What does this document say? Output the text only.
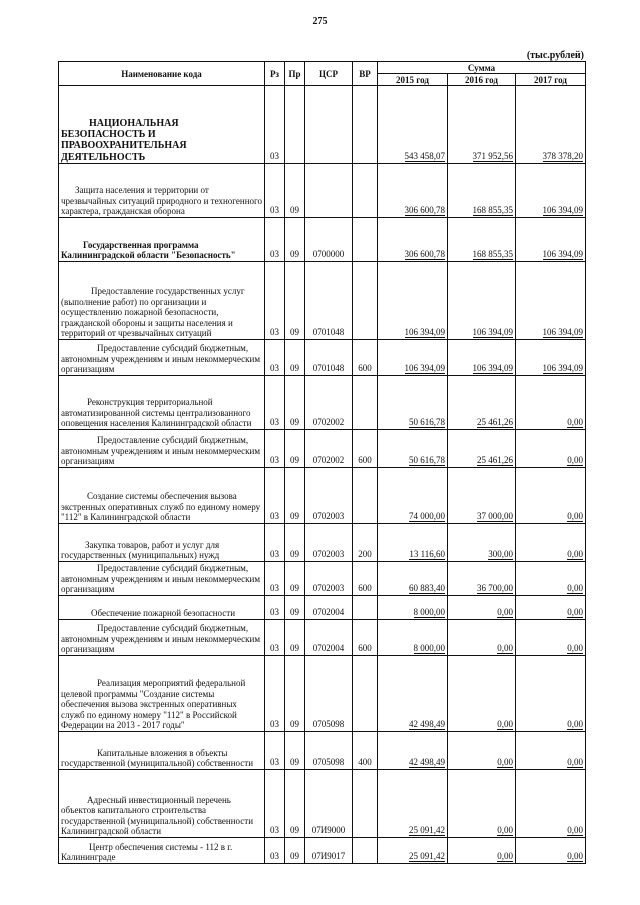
275
(тыс.рублей)
Наименование кода	Рз	Пр	ЦСР	ВР	Сумма		
					2015 год	2016 год	2017 год
НАЦИОНАЛЬНАЯ БЕЗОПАСНОСТЬ И ПРАВООХРАНИТЕЛЬНАЯ ДЕЯТЕЛЬНОСТЬ	03				543 458,07	371 952,56	378 378,20
Защита населения и территории от чрезвычайных ситуаций природного и техногенного характера, гражданская оборона	03	09			306 600,78	168 855,35	106 394,09
Государственная программа Калининградской области "Безопасность"	03	09	0700000		306 600,78	168 855,35	106 394,09
Предоставление государственных услуг (выполнение работ) по организации и осуществлению пожарной безопасности, гражданской обороны и защиты населения и территорий от чрезвычайных ситуаций	03	09	0701048		106 394,09	106 394,09	106 394,09
Предоставление субсидий бюджетным, автономным учреждениям и иным некоммерческим организациям	03	09	0701048	600	106 394,09	106 394,09	106 394,09
Реконструкция территориальной автоматизированной системы централизованного оповещения населения Калининградской области	03	09	0702002		50 616,78	25 461,26	0,00
Предоставление субсидий бюджетным, автономным учреждениям и иным некоммерческим организациям	03	09	0702002	600	50 616,78	25 461,26	0,00
Создание системы обеспечения вызова экстренных оперативных служб по единому номеру "112" в Калининградской области	03	09	0702003		74 000,00	37 000,00	0,00
Закупка товаров, работ и услуг для государственных (муниципальных) нужд	03	09	0702003	200	13 116,60	300,00	0,00
Предоставление субсидий бюджетным, автономным учреждениям и иным некоммерческим организациям	03	09	0702003	600	60 883,40	36 700,00	0,00
Обеспечение пожарной безопасности	03	09	0702004		8 000,00	0,00	0,00
Предоставление субсидий бюджетным, автономным учреждениям и иным некоммерческим организациям	03	09	0702004	600	8 000,00	0,00	0,00
Реализация мероприятий федеральной целевой программы "Создание системы обеспечения вызова экстренных оперативных служб по единому номеру "112" в Российской Федерации на 2013 - 2017 годы"	03	09	0705098		42 498,49	0,00	0,00
Капитальные вложения в объекты государственной (муниципальной) собственности	03	09	0705098	400	42 498,49	0,00	0,00
Адресный инвестиционный перечень объектов капитального строительства государственной (муниципальной) собственности Калининградской области	03	09	07И9000		25 091,42	0,00	0,00
Центр обеспечения системы - 112 в г. Калининграде	03	09	07И9017		25 091,42	0,00	0,00
